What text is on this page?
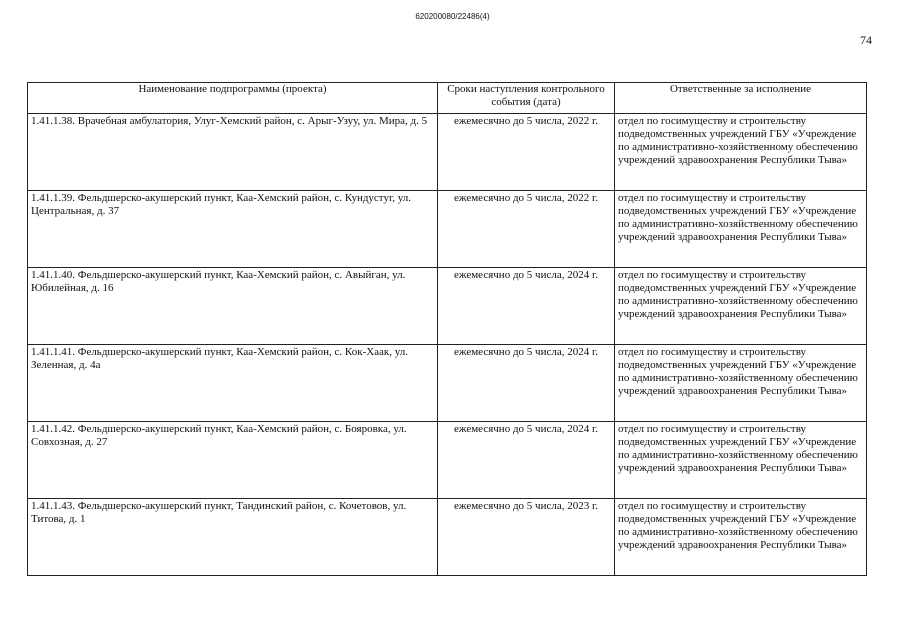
620200080/22486(4)
74
Наименование подпрограммы (проекта)	Сроки наступления контрольного события (дата)	Ответственные за исполнение
1.41.1.38. Врачебная амбулатория, Улуг-Хемский район, с. Арыг-Узуу, ул. Мира, д. 5	ежемесячно до 5 числа, 2022 г.	отдел по госимуществу и строительству подведомственных учреждений ГБУ «Учреждение по административно-хозяйственному обеспечению учреждений здравоохранения Республики Тыва»
1.41.1.39. Фельдшерско-акушерский пункт, Каа-Хемский район, с. Кундустуг, ул. Центральная, д. 37	ежемесячно до 5 числа, 2022 г.	отдел по госимуществу и строительству подведомственных учреждений ГБУ «Учреждение по административно-хозяйственному обеспечению учреждений здравоохранения Республики Тыва»
1.41.1.40. Фельдшерско-акушерский пункт, Каа-Хемский район, с. Авыйган, ул. Юбилейная, д. 16	ежемесячно до 5 числа, 2024 г.	отдел по госимуществу и строительству подведомственных учреждений ГБУ «Учреждение по административно-хозяйственному обеспечению учреждений здравоохранения Республики Тыва»
1.41.1.41. Фельдшерско-акушерский пункт, Каа-Хемский район, с. Кок-Хаак, ул. Зеленная, д. 4а	ежемесячно до 5 числа, 2024 г.	отдел по госимуществу и строительству подведомственных учреждений ГБУ «Учреждение по административно-хозяйственному обеспечению учреждений здравоохранения Республики Тыва»
1.41.1.42. Фельдшерско-акушерский пункт, Каа-Хемский район, с. Бояровка, ул. Совхозная, д. 27	ежемесячно до 5 числа, 2024 г.	отдел по госимуществу и строительству подведомственных учреждений ГБУ «Учреждение по административно-хозяйственному обеспечению учреждений здравоохранения Республики Тыва»
1.41.1.43. Фельдшерско-акушерский пункт, Тандинский район, с. Кочетовов, ул. Титова, д. 1	ежемесячно до 5 числа, 2023 г.	отдел по госимуществу и строительству подведомственных учреждений ГБУ «Учреждение по административно-хозяйственному обеспечению учреждений здравоохранения Республики Тыва»
